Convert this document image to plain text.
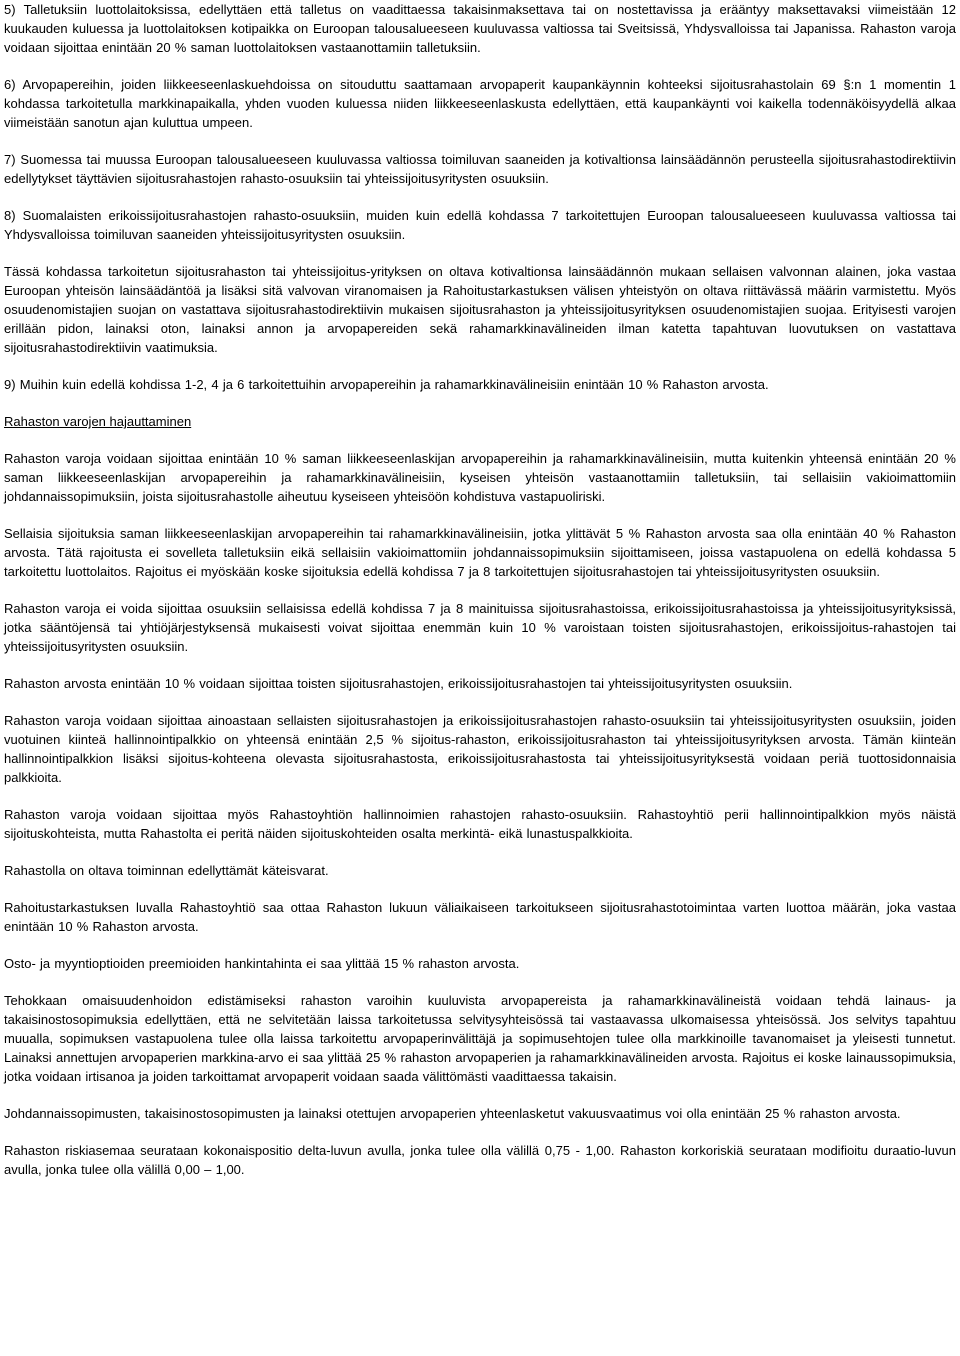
5) Talletuksiin luottolaitoksissa, edellyttäen että talletus on vaadittaessa takaisinmaksettava tai on nostettavissa ja erääntyy maksettavaksi viimeistään 12 kuukauden kuluessa ja luottolaitoksen kotipaikka on Euroopan talousalueeseen kuuluvassa valtiossa tai Sveitsissä, Yhdysvalloissa tai Japanissa. Rahaston varoja voidaan sijoittaa enintään 20 % saman luottolaitoksen vastaanottamiin talletuksiin.

6) Arvopapereihin, joiden liikkeeseenlaskuehdoissa on sitouduttu saattamaan arvopaperit kaupankäynnin kohteeksi sijoitusrahastolain 69 §:n 1 momentin 1 kohdassa tarkoitetulla markkinapaikalla, yhden vuoden kuluessa niiden liikkeeseenlaskusta edellyttäen, että kaupankäynti voi kaikella todennäköisyydellä alkaa viimeistään sanotun ajan kuluttua umpeen.

7) Suomessa tai muussa Euroopan talousalueeseen kuuluvassa valtiossa toimiluvan saaneiden ja kotivaltionsa lainsäädännön perusteella sijoitusrahastodirektiivin edellytykset täyttävien sijoitusrahastojen rahasto-osuuksiin tai yhteissijoitusyritysten osuuksiin.

8) Suomalaisten erikoissijoitusrahastojen rahasto-osuuksiin, muiden kuin edellä kohdassa 7 tarkoitettujen Euroopan talousalueeseen kuuluvassa valtiossa tai Yhdysvalloissa toimiluvan saaneiden yhteissijoitusyritysten osuuksiin.

Tässä kohdassa tarkoitetun sijoitusrahaston tai yhteissijoitus-yrityksen on oltava kotivaltionsa lainsäädännön mukaan sellaisen valvonnan alainen, joka vastaa Euroopan yhteisön lainsäädäntöä ja lisäksi sitä valvovan viranomaisen ja Rahoitustarkastuksen välisen yhteistyön on oltava riittävässä määrin varmistettu. Myös osuudenomistajien suojan on vastattava sijoitusrahastodirektiivin mukaisen sijoitusrahaston ja yhteissijoitusyrityksen osuudenomistajien suojaa. Erityisesti varojen erillään pidon, lainaksi oton, lainaksi annon ja arvopapereiden sekä rahamarkkinavälineiden ilman katetta tapahtuvan luovutuksen on vastattava sijoitusrahastodirektiivin vaatimuksia.

9) Muihin kuin edellä kohdissa 1-2, 4 ja 6 tarkoitettuihin arvopapereihin ja rahamarkkinavälineisiin enintään 10 % Rahaston arvosta.

Rahaston varojen hajauttaminen

Rahaston varoja voidaan sijoittaa enintään 10 % saman liikkeeseenlaskijan arvopapereihin ja rahamarkkinavälineisiin, mutta kuitenkin yhteensä enintään 20 % saman liikkeeseenlaskijan arvopapereihin ja rahamarkkinavälineisiin, kyseisen yhteisön vastaanottamiin talletuksiin, tai sellaisiin vakioimattomiin johdannaissopimuksiin, joista sijoitusrahastolle aiheutuu kyseiseen yhteisöön kohdistuva vastapuoliriski.

Sellaisia sijoituksia saman liikkeeseenlaskijan arvopapereihin tai rahamarkkinavälineisiin, jotka ylittävät 5 % Rahaston arvosta saa olla enintään 40 % Rahaston arvosta. Tätä rajoitusta ei sovelleta talletuksiin eikä sellaisiin vakioimattomiin johdannaissopimuksiin sijoittamiseen, joissa vastapuolena on edellä kohdassa 5 tarkoitettu luottolaitos. Rajoitus ei myöskään koske sijoituksia edellä kohdissa 7 ja 8 tarkoitettujen sijoitusrahastojen tai yhteissijoitusyritysten osuuksiin.

Rahaston varoja ei voida sijoittaa osuuksiin sellaisissa edellä kohdissa 7 ja 8 mainituissa sijoitusrahastoissa, erikoissijoitusrahastoissa ja yhteissijoitusyrityksissä, jotka sääntöjensä tai yhtiöjärjestyksensä mukaisesti voivat sijoittaa enemmän kuin 10 % varoistaan toisten sijoitusrahastojen, erikoissijoitus-rahastojen tai yhteissijoitusyritysten osuuksiin.

Rahaston arvosta enintään 10 % voidaan sijoittaa toisten sijoitusrahastojen, erikoissijoitusrahastojen tai yhteissijoitusyritysten osuuksiin.

Rahaston varoja voidaan sijoittaa ainoastaan sellaisten sijoitusrahastojen ja erikoissijoitusrahastojen rahasto-osuuksiin tai yhteissijoitusyritysten osuuksiin, joiden vuotuinen kiinteä hallinnointipalkkio on yhteensä enintään 2,5 % sijoitus-rahaston, erikoissijoitusrahaston tai yhteissijoitusyrityksen arvosta. Tämän kiinteän hallinnointipalkkion lisäksi sijoitus-kohteena olevasta sijoitusrahastosta, erikoissijoitusrahastosta tai yhteissijoitusyrityksestä voidaan periä tuottosidonnaisia palkkioita.

Rahaston varoja voidaan sijoittaa myös Rahastoyhtiön hallinnoimien rahastojen rahasto-osuuksiin. Rahastoyhtiö perii hallinnointipalkkion myös näistä sijoituskohteista, mutta Rahastolta ei peritä näiden sijoituskohteiden osalta merkintä- eikä lunastuspalkkioita.

Rahastolla on oltava toiminnan edellyttämät käteisvarat.

Rahoitustarkastuksen luvalla Rahastoyhtiö saa ottaa Rahaston lukuun väliaikaiseen tarkoitukseen sijoitusrahastotoimintaa varten luottoa määrän, joka vastaa enintään 10 % Rahaston arvosta.

Osto- ja myyntioptioiden preemioiden hankintahinta ei saa ylittää 15 % rahaston arvosta.

Tehokkaan omaisuudenhoidon edistämiseksi rahaston varoihin kuuluvista arvopapereista ja rahamarkkinavälineistä voidaan tehdä lainaus- ja takaisinostosopimuksia edellyttäen, että ne selvitetään laissa tarkoitetussa selvitysyhteisössä tai vastaavassa ulkomaisessa yhteisössä. Jos selvitys tapahtuu muualla, sopimuksen vastapuolena tulee olla laissa tarkoitettu arvopaperinvälittäjä ja sopimusehtojen tulee olla markkinoille tavanomaiset ja yleisesti tunnetut. Lainaksi annettujen arvopaperien markkina-arvo ei saa ylittää 25 % rahaston arvopaperien ja rahamarkkinavälineiden arvosta. Rajoitus ei koske lainaussopimuksia, jotka voidaan irtisanoa ja joiden tarkoittamat arvopaperit voidaan saada välittömästi vaadittaessa takaisin.

Johdannaissopimusten, takaisinostosopimusten ja lainaksi otettujen arvopaperien yhteenlasketut vakuusvaatimus voi olla enintään 25 % rahaston arvosta.

Rahaston riskiasemaa seurataan kokonaispositio delta-luvun avulla, jonka tulee olla välillä 0,75 - 1,00. Rahaston korkoriskiä seurataan modifioitu duraatio-luvun avulla, jonka tulee olla välillä 0,00 – 1,00.
